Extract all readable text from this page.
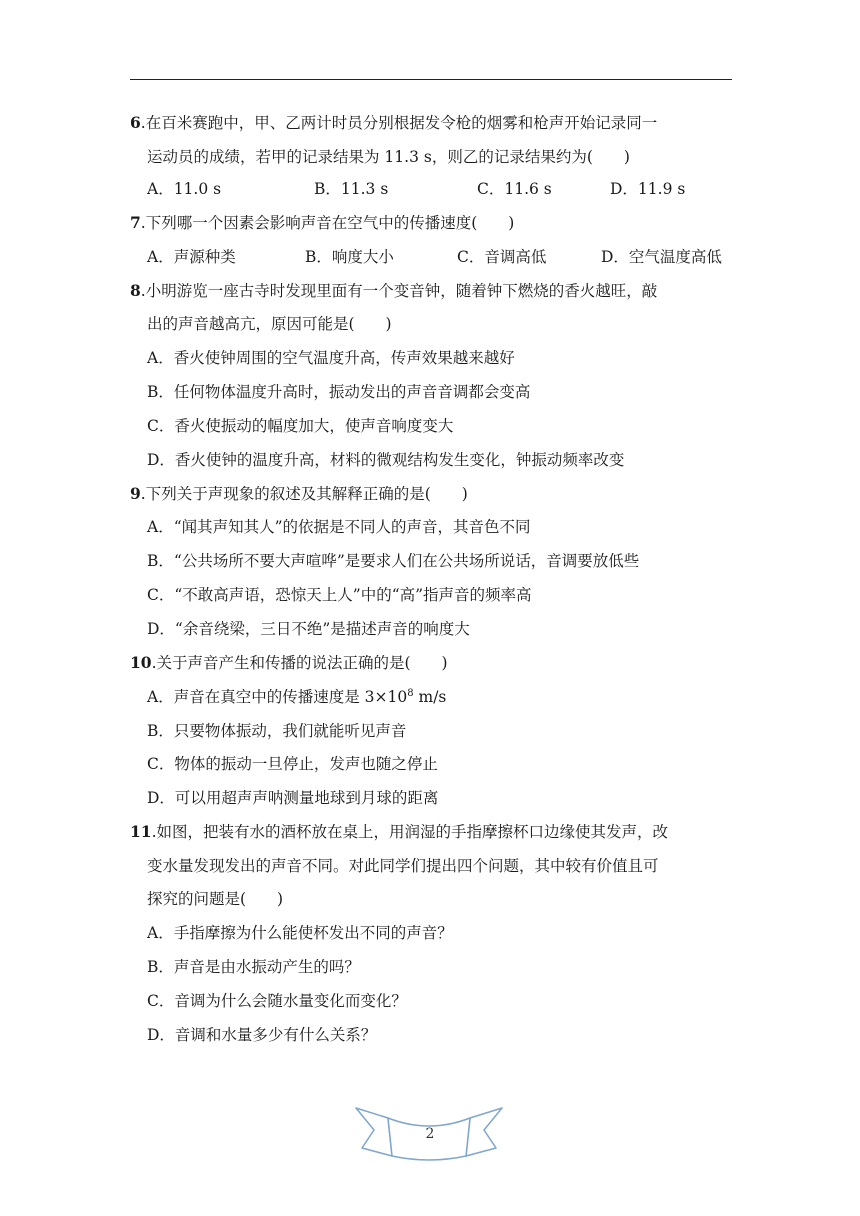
6.在百米赛跑中，甲、乙两计时员分别根据发令枪的烟雾和枪声开始记录同一
运动员的成绩，若甲的记录结果为 11.3 s，则乙的记录结果约为(　　)
A．11.0 s	B．11.3 s	C．11.6 s	D．11.9 s
7.下列哪一个因素会影响声音在空气中的传播速度(　　)
A．声源种类	B．响度大小	C．音调高低	D．空气温度高低
8.小明游览一座古寺时发现里面有一个变音钟，随着钟下燃烧的香火越旺，敲
出的声音越高亢，原因可能是(　　)
A．香火使钟周围的空气温度升高，传声效果越来越好
B．任何物体温度升高时，振动发出的声音音调都会变高
C．香火使振动的幅度加大，使声音响度变大
D．香火使钟的温度升高，材料的微观结构发生变化，钟振动频率改变
9.下列关于声现象的叙述及其解释正确的是(　　)
A．“闻其声知其人”的依据是不同人的声音，其音色不同
B．“公共场所不要大声喧哗”是要求人们在公共场所说话，音调要放低些
C．“不敢高声语，恐惊天上人”中的“高”指声音的频率高
D．“余音绕梁，三日不绝”是描述声音的响度大
10.关于声音产生和传播的说法正确的是(　　)
A．声音在真空中的传播速度是 $3\times 10^8$ m/s
B．只要物体振动，我们就能听见声音
C．物体的振动一旦停止，发声也随之停止
D．可以用超声声呐测量地球到月球的距离
11.如图，把装有水的酒杯放在桌上，用润湿的手指摩擦杯口边缘使其发声，改
变水量发现发出的声音不同。对此同学们提出四个问题，其中较有价值且可
探究的问题是(　　)
A．手指摩擦为什么能使杯发出不同的声音？
B．声音是由水振动产生的吗？
C．音调为什么会随水量变化而变化？
D．音调和水量多少有什么关系？
2
